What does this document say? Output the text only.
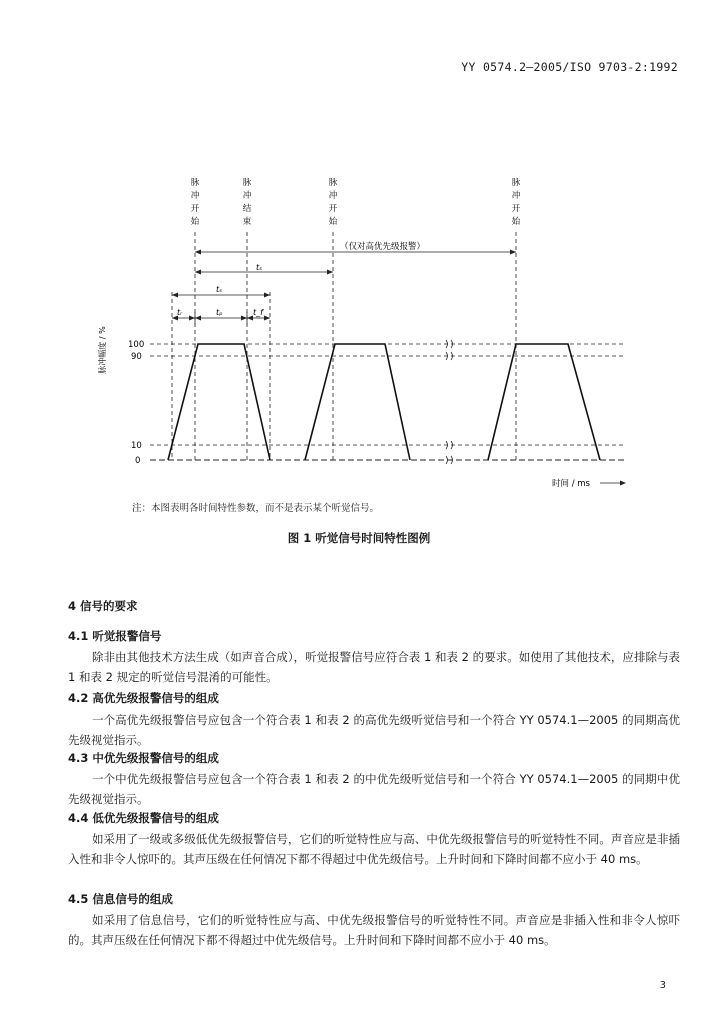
YY 0574.2—2005/ISO 9703-2:1992
脉冲开始
脉冲结束
脉冲开始
脉冲开始
（仅对高优先级报警）
tₛ
tₛ
tᵣ	tₚ	t_f
脉冲幅度 / % 100
90
10
0
时间 / ms
注：本图表明各时间特性参数，而不是表示某个听觉信号。
图 1 听觉信号时间特性图例
4 信号的要求
4.1 听觉报警信号
除非由其他技术方法生成（如声音合成），听觉报警信号应符合表 1 和表 2 的要求。如使用了其他技术，应排除与表 1 和表 2 规定的听觉信号混淆的可能性。
4.2 高优先级报警信号的组成
一个高优先级报警信号应包含一个符合表 1 和表 2 的高优先级听觉信号和一个符合 YY 0574.1—2005 的同期高优先级视觉指示。
4.3 中优先级报警信号的组成
一个中优先级报警信号应包含一个符合表 1 和表 2 的中优先级听觉信号和一个符合 YY 0574.1—2005 的同期中优先级视觉指示。
4.4 低优先级报警信号的组成
如采用了一级或多级低优先级报警信号，它们的听觉特性应与高、中优先级报警信号的听觉特性不同。声音应是非插入性和非令人惊吓的。其声压级在任何情况下都不得超过中优先级信号。上升时间和下降时间都不应小于 40 ms。
4.5 信息信号的组成
如采用了信息信号，它们的听觉特性应与高、中优先级报警信号的听觉特性不同。声音应是非插入性和非令人惊吓的。其声压级在任何情况下都不得超过中优先级信号。上升时间和下降时间都不应小于 40 ms。
3
